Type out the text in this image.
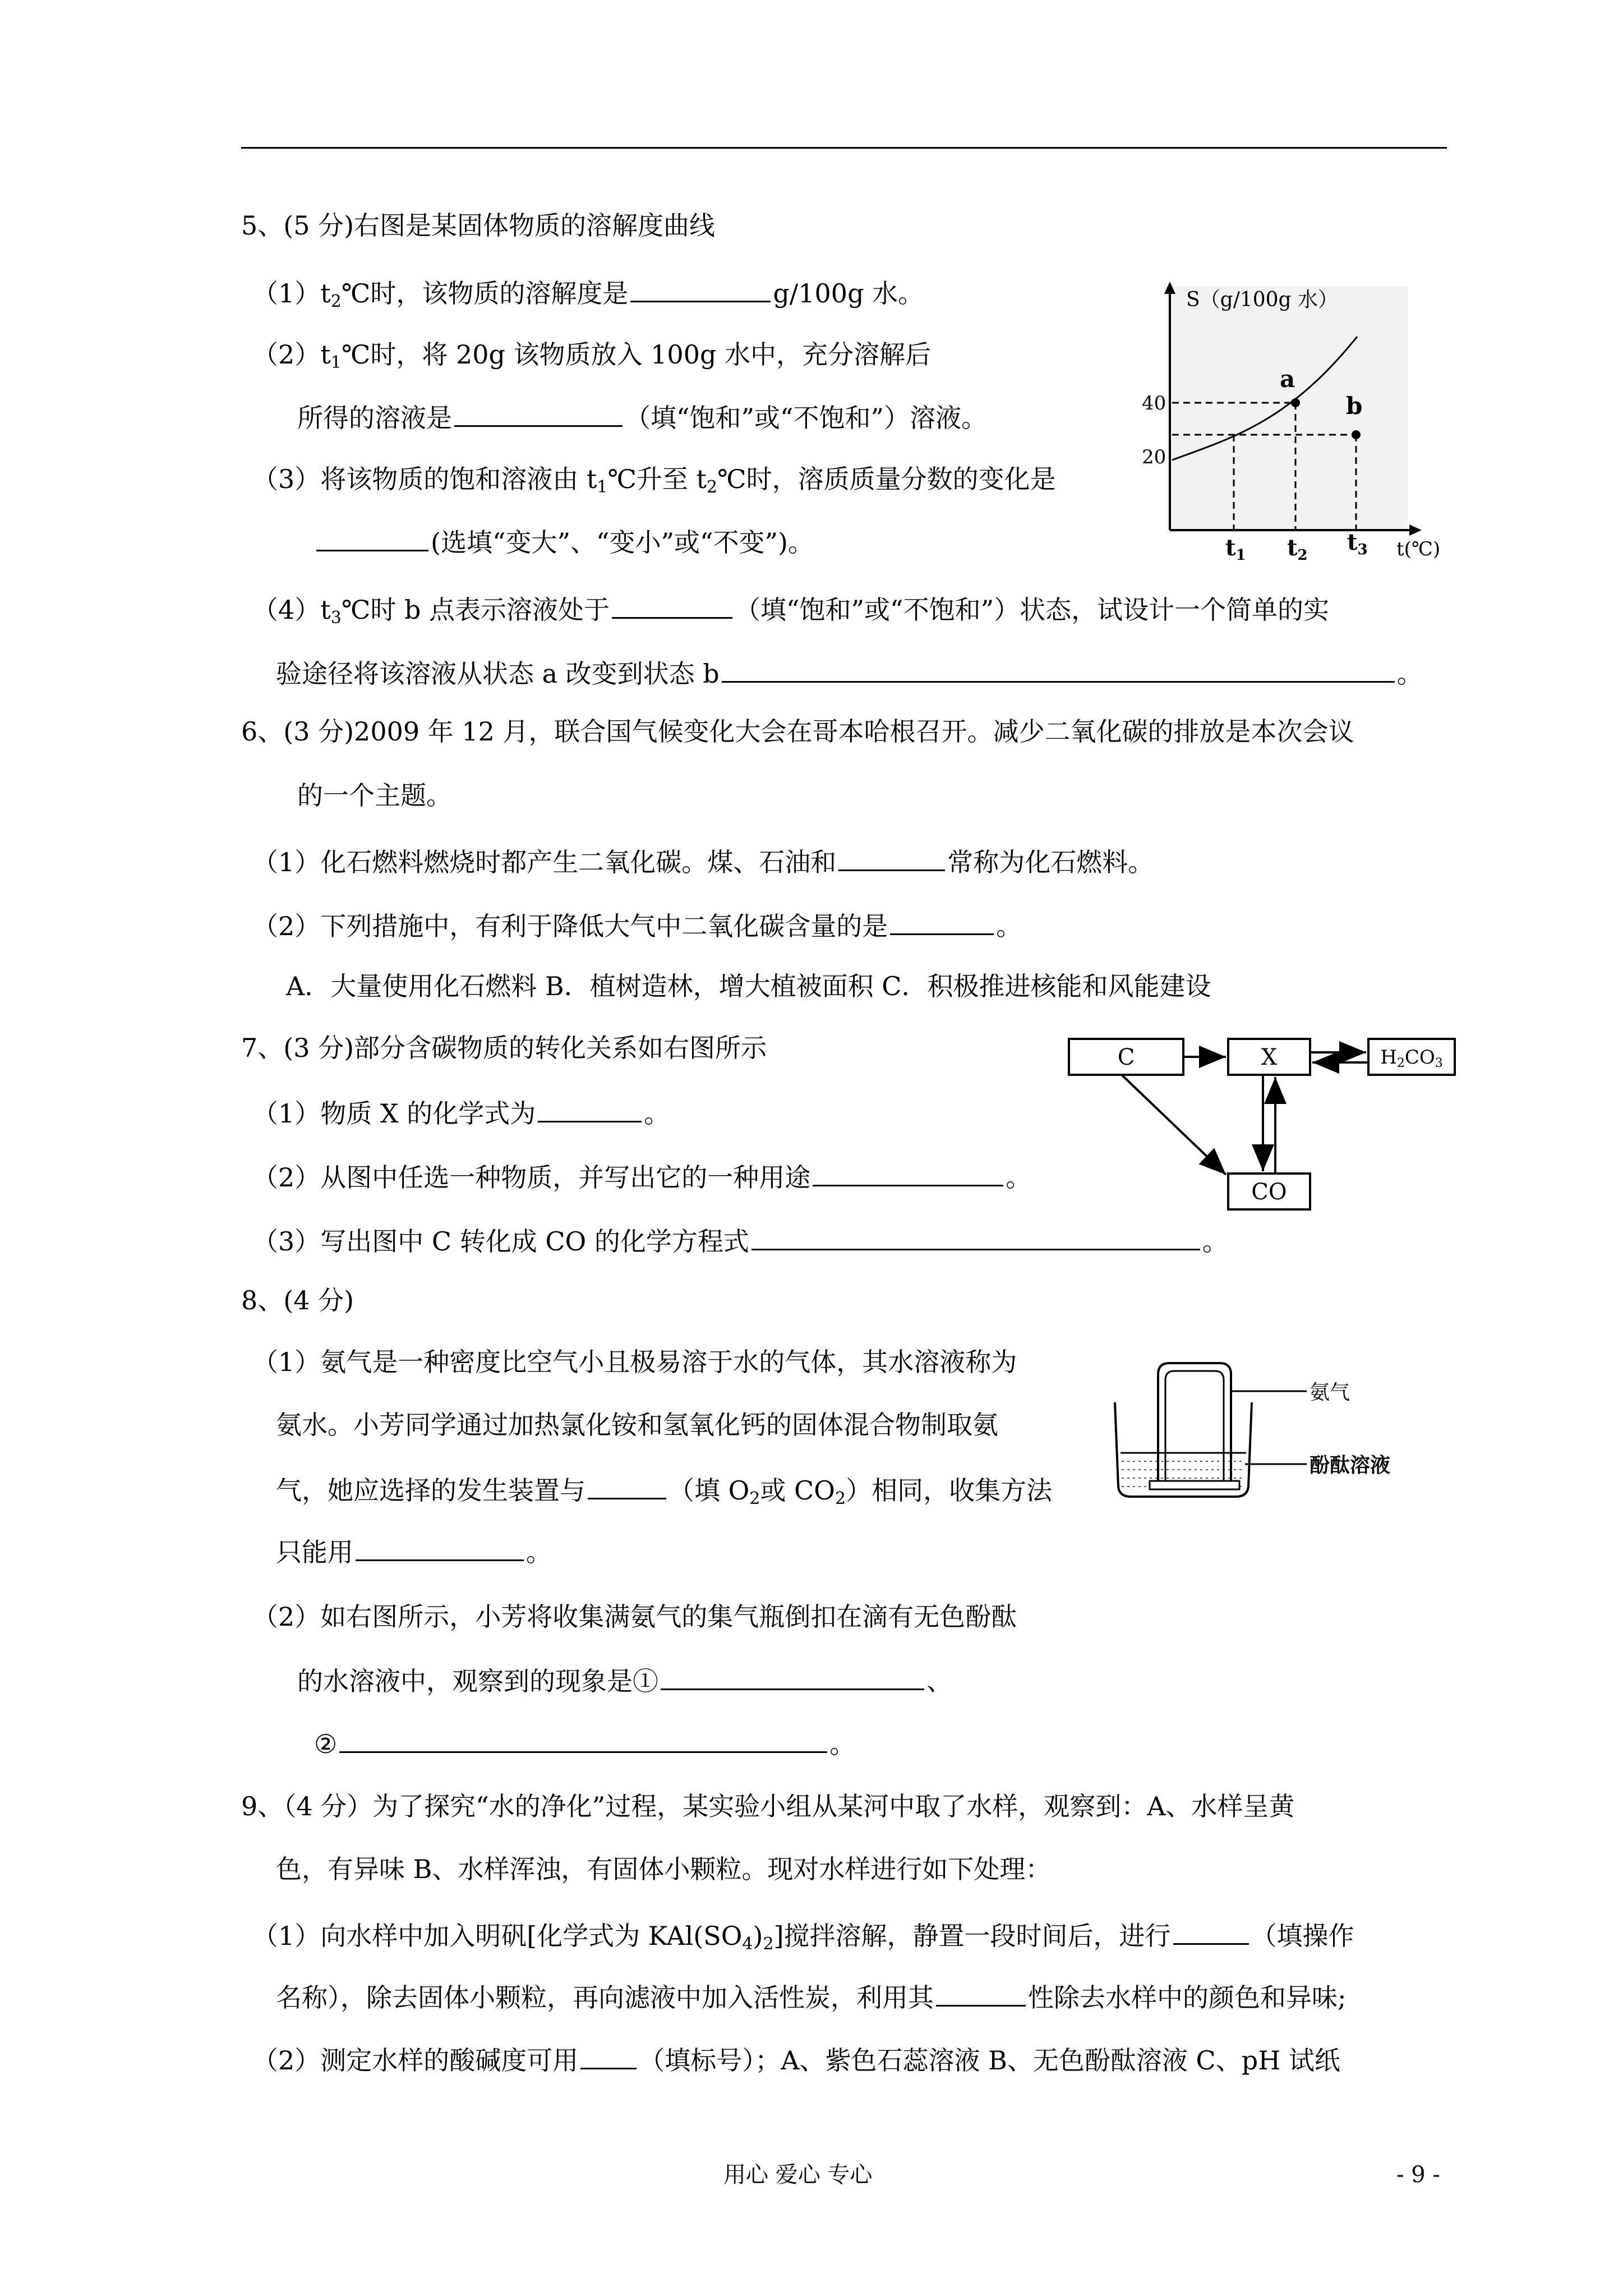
5、(5 分)右图是某固体物质的溶解度曲线
$(1)t_2℃$时，该物质的溶解度是	g/100g 水。
$(2)t_1℃$时，将 20g 该物质放入 100g 水中，充分溶解后
所得的溶液是	（填“饱和”或“不饱和”）溶液。
（3）将该物质的饱和溶液由 $t_1℃$升至 $t_2℃$时，溶质质量分数的变化是
(选填“变大”、“变小”或“不变”)。
$(4)t_3℃$时 b 点表示溶液处于	（填“饱和”或“不饱和”）状态，试设计一个简单的实
验途径将该溶液从状态 a 改变到状态 b	。
S（g/100g 水）
a
b
40
20
$t_1$ $t_2$ $t_3$ t(℃)
6、(3 分)2009 年 12 月，联合国气候变化大会在哥本哈根召开。减少二氧化碳的排放是本次会议
的一个主题。
（1）化石燃料燃烧时都产生二氧化碳。煤、石油和	常称为化石燃料。
（2）下列措施中，有利于降低大气中二氧化碳含量的是	。
A．大量使用化石燃料 B．植树造林，增大植被面积 C．积极推进核能和风能建设
7、(3 分)部分含碳物质的转化关系如右图所示
（1）物质 X 的化学式为	。
（2）从图中任选一种物质，并写出它的一种用途	。
（3）写出图中 C 转化成 CO 的化学方程式	。
C	X	H2CO3
CO
8、(4 分)
（1）氨气是一种密度比空气小且极易溶于水的气体，其水溶液称为
氨水。小芳同学通过加热氯化铵和氢氧化钙的固体混合物制取氨
气，她应选择的发生装置与	（填 $O_2$或 $CO_2$）相同，收集方法
只能用	。
（2）如右图所示，小芳将收集满氨气的集气瓶倒扣在滴有无色酚酞
的水溶液中，观察到的现象是①	、
②	。
氨气
酚酞溶液
9、（4 分）为了探究“水的净化”过程，某实验小组从某河中取了水样，观察到：A、水样呈黄
色，有异味 B、水样浑浊，有固体小颗粒。现对水样进行如下处理：
（1）向水样中加入明矾[化学式为 $KAl(SO_4)_2$]搅拌溶解，静置一段时间后，进行	（填操作
名称），除去固体小颗粒，再向滤液中加入活性炭，利用其	性除去水样中的颜色和异味;
（2）测定水样的酸碱度可用 （填标号）；A、紫色石蕊溶液 B、无色酚酞溶液 C、pH 试纸
用心 爱心 专心	- 9 -
